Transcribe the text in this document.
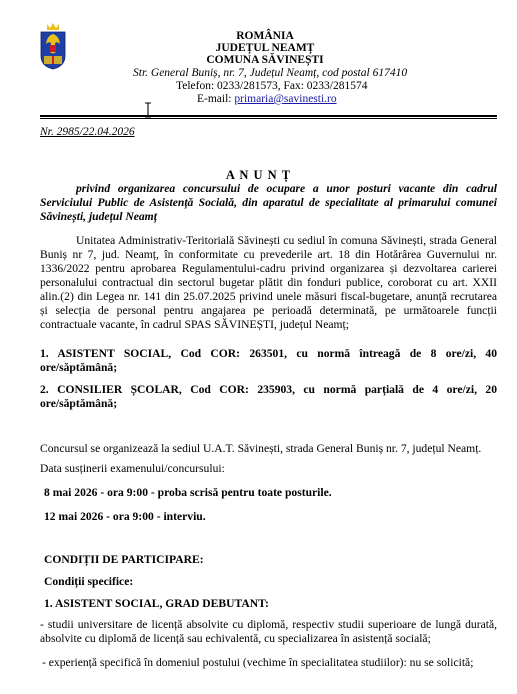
ROMÂNIA
JUDEȚUL NEAMȚ
COMUNA SĂVINEȘTI
Str. General Buniș, nr. 7, Județul Neamț, cod postal 617410
Telefon: 0233/281573, Fax: 0233/281574
E-mail: primaria@savinesti.ro
Nr. 2985/22.04.2026
A N U N Ț
privind organizarea concursului de ocupare a unor posturi vacante din cadrul
Serviciului Public de Asistență Socială, din aparatul de specialitate al primarului comunei
Săvinești, județul Neamț
Unitatea Administrativ-Teritorială Săvinești cu sediul în comuna Săvinești, strada General
Buniș nr 7, jud. Neamț, în conformitate cu prevederile art. 18 din Hotărârea Guvernului nr.
1336/2022 pentru aprobarea Regulamentului-cadru privind organizarea și dezvoltarea carierei
personalului contractual din sectorul bugetar plătit din fonduri publice, coroborat cu art. XXII
alin.(2) din Legea nr. 141 din 25.07.2025 privind unele măsuri fiscal-bugetare, anunță recrutarea
și selecția de personal pentru angajarea pe perioadă determinată, pe următoarele funcții
contractuale vacante, în cadrul SPAS SĂVINEȘTI, județul Neamț;
1. ASISTENT SOCIAL, Cod COR: 263501, cu normă întreagă de 8 ore/zi, 40
ore/săptămână;
2. CONSILIER ȘCOLAR, Cod COR: 235903, cu normă parțială de 4 ore/zi, 20
ore/săptămână;
Concursul se organizează la sediul U.A.T. Săvinești, strada General Buniș nr. 7, județul Neamț.
Data susținerii examenului/concursului:
8 mai 2026 - ora 9:00 - proba scrisă pentru toate posturile.
12 mai 2026 - ora 9:00 - interviu.
CONDIȚII DE PARTICIPARE:
Condiții specifice:
1. ASISTENT SOCIAL, GRAD DEBUTANT:
- studii universitare de licență absolvite cu diplomă, respectiv studii superioare de lungă durată,
absolvite cu diplomă de licență sau echivalentă, cu specializarea în asistență socială;
- experiență specifică în domeniul postului (vechime în specialitatea studiilor): nu se solicită;
